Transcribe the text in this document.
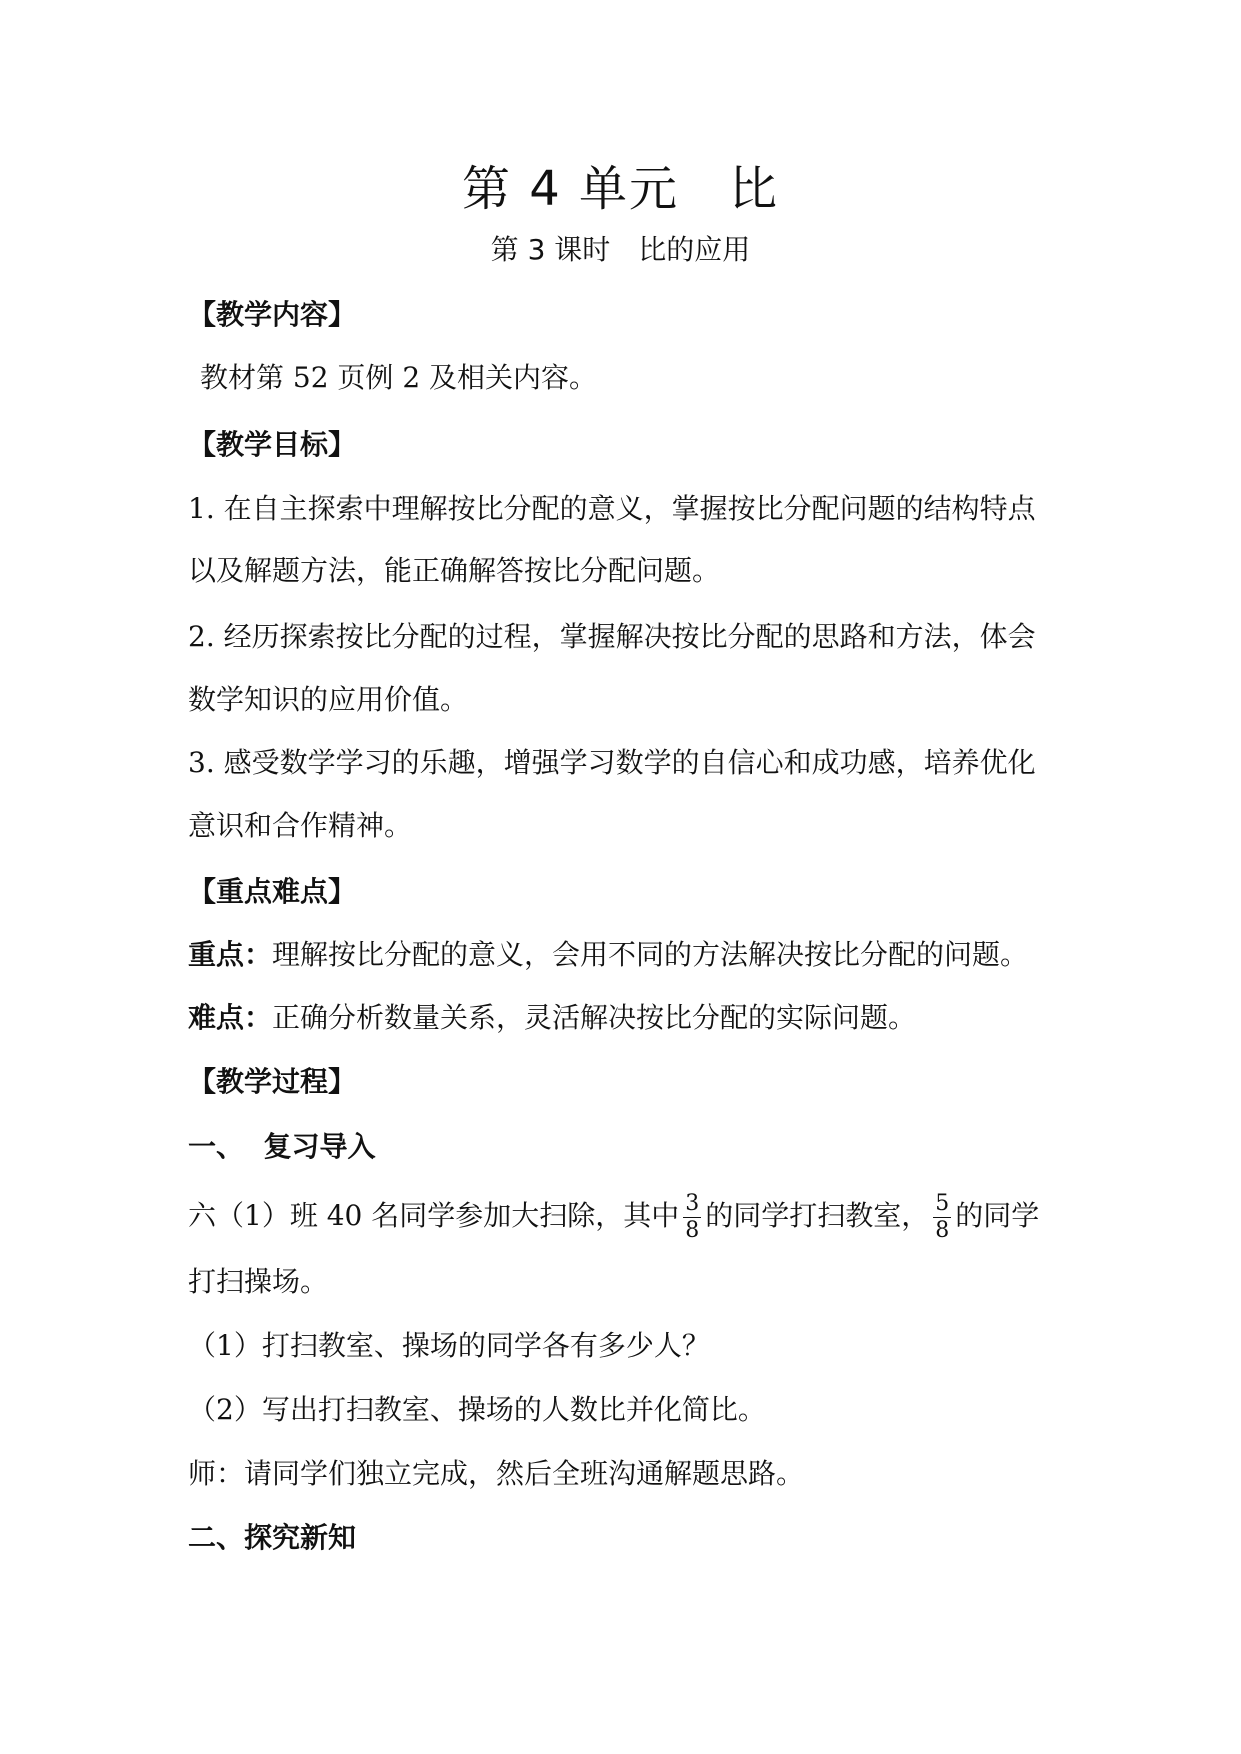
第 4 单元 比
第 3 课时 比的应用
【教学内容】
教材第 52 页例 2 及相关内容。
【教学目标】
1. 在自主探索中理解按比分配的意义，掌握按比分配问题的结构特点
以及解题方法，能正确解答按比分配问题。
2. 经历探索按比分配的过程，掌握解决按比分配的思路和方法，体会
数学知识的应用价值。
3. 感受数学学习的乐趣，增强学习数学的自信心和成功感，培养优化
意识和合作精神。
【重点难点】
重点：理解按比分配的意义，会用不同的方法解决按比分配的问题。
难点：正确分析数量关系，灵活解决按比分配的实际问题。
【教学过程】
一、  复习导入
六（1）班 40 名同学参加大扫除，其中 $\frac{3}{8}$ 的同学打扫教室， $\frac{5}{8}$ 的同学
打扫操场。
（1）打扫教室、操场的同学各有多少人？
（2）写出打扫教室、操场的人数比并化简比。
师：请同学们独立完成，然后全班沟通解题思路。
二、探究新知
